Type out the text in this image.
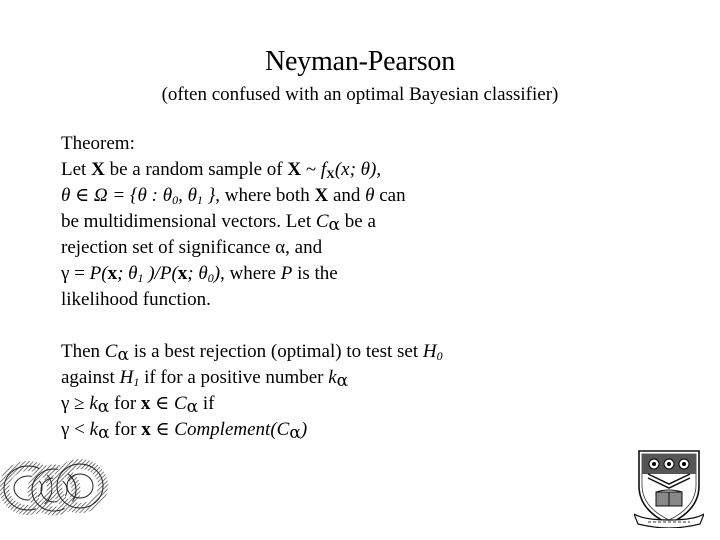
Neyman-Pearson
(often confused with an optimal Bayesian classifier)
Theorem:
Let X be a random sample of X ~ $f_X(x$; θ),
θ ∈ Ω = {θ : $\theta_0$, $\theta_1$ }, where both X and θ can
be multidimensional vectors. Let $C_\alpha$ be a
rejection set of significance α, and
γ = P(x; $\theta_1$ )/P(x; $\theta_0$), where P is the
likelihood function.
Then $C_\alpha$ is a best rejection (optimal) to test set $H_0$
against $H_1$ if for a positive number $k_\alpha$
$\gamma \ge k_\alpha$ for x ∈ $C_\alpha$ if
$\gamma < k_\alpha$ for x ∈ $Complement(C_\alpha)$
